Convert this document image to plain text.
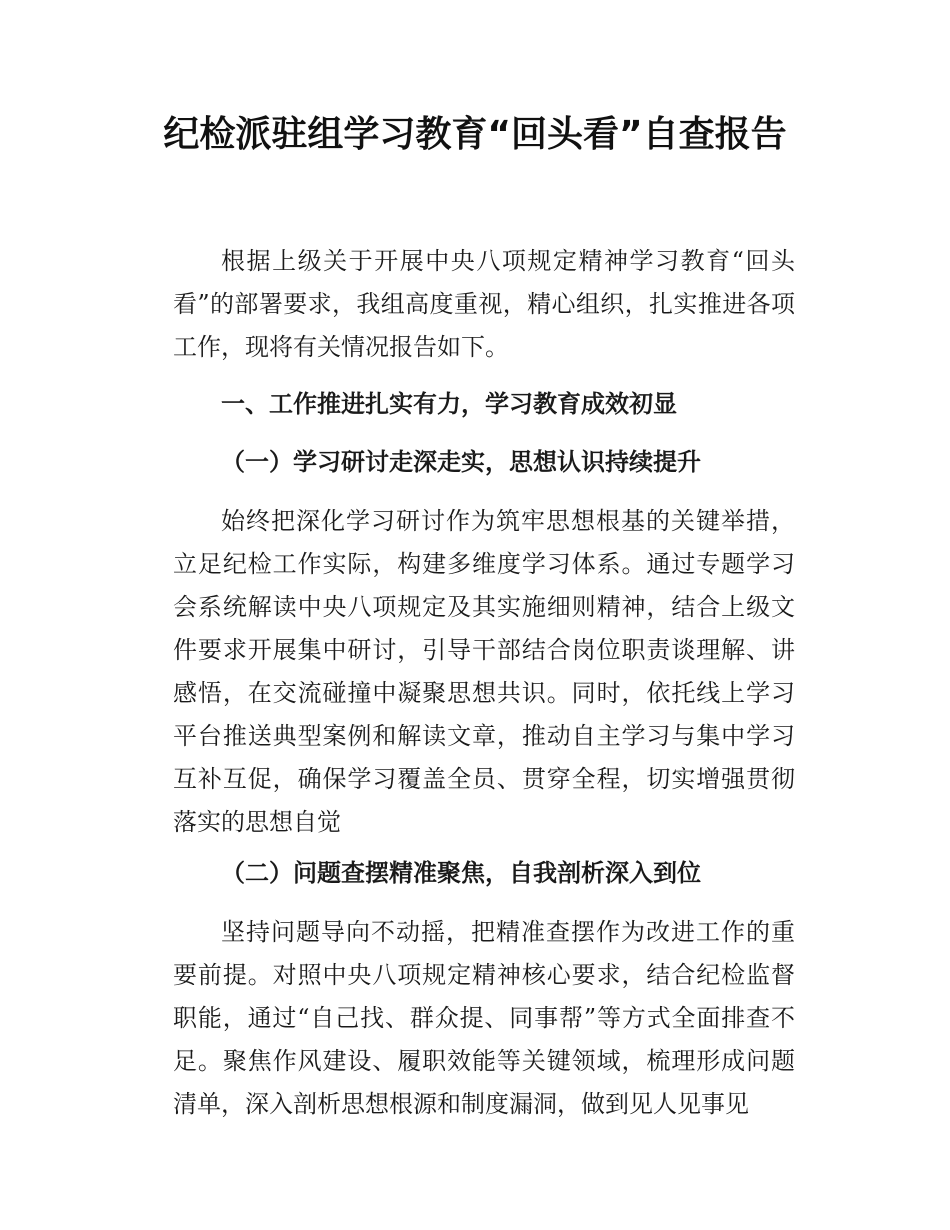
纪检派驻组学习教育“回头看”自查报告

根据上级关于开展中央八项规定精神学习教育“回头看”的部署要求，我组高度重视，精心组织，扎实推进各项工作，现将有关情况报告如下。

一、工作推进扎实有力，学习教育成效初显
（一）学习研讨走深走实，思想认识持续提升

始终把深化学习研讨作为筑牢思想根基的关键举措，立足纪检工作实际，构建多维度学习体系。通过专题学习会系统解读中央八项规定及其实施细则精神，结合上级文件要求开展集中研讨，引导干部结合岗位职责谈理解、讲感悟，在交流碰撞中凝聚思想共识。同时，依托线上学习平台推送典型案例和解读文章，推动自主学习与集中学习互补互促，确保学习覆盖全员、贯穿全程，切实增强贯彻落实的思想自觉

（二）问题查摆精准聚焦，自我剖析深入到位

坚持问题导向不动摇，把精准查摆作为改进工作的重要前提。对照中央八项规定精神核心要求，结合纪检监督职能，通过“自己找、群众提、同事帮”等方式全面排查不足。聚焦作风建设、履职效能等关键领域，梳理形成问题清单，深入剖析思想根源和制度漏洞，做到见人见事见
